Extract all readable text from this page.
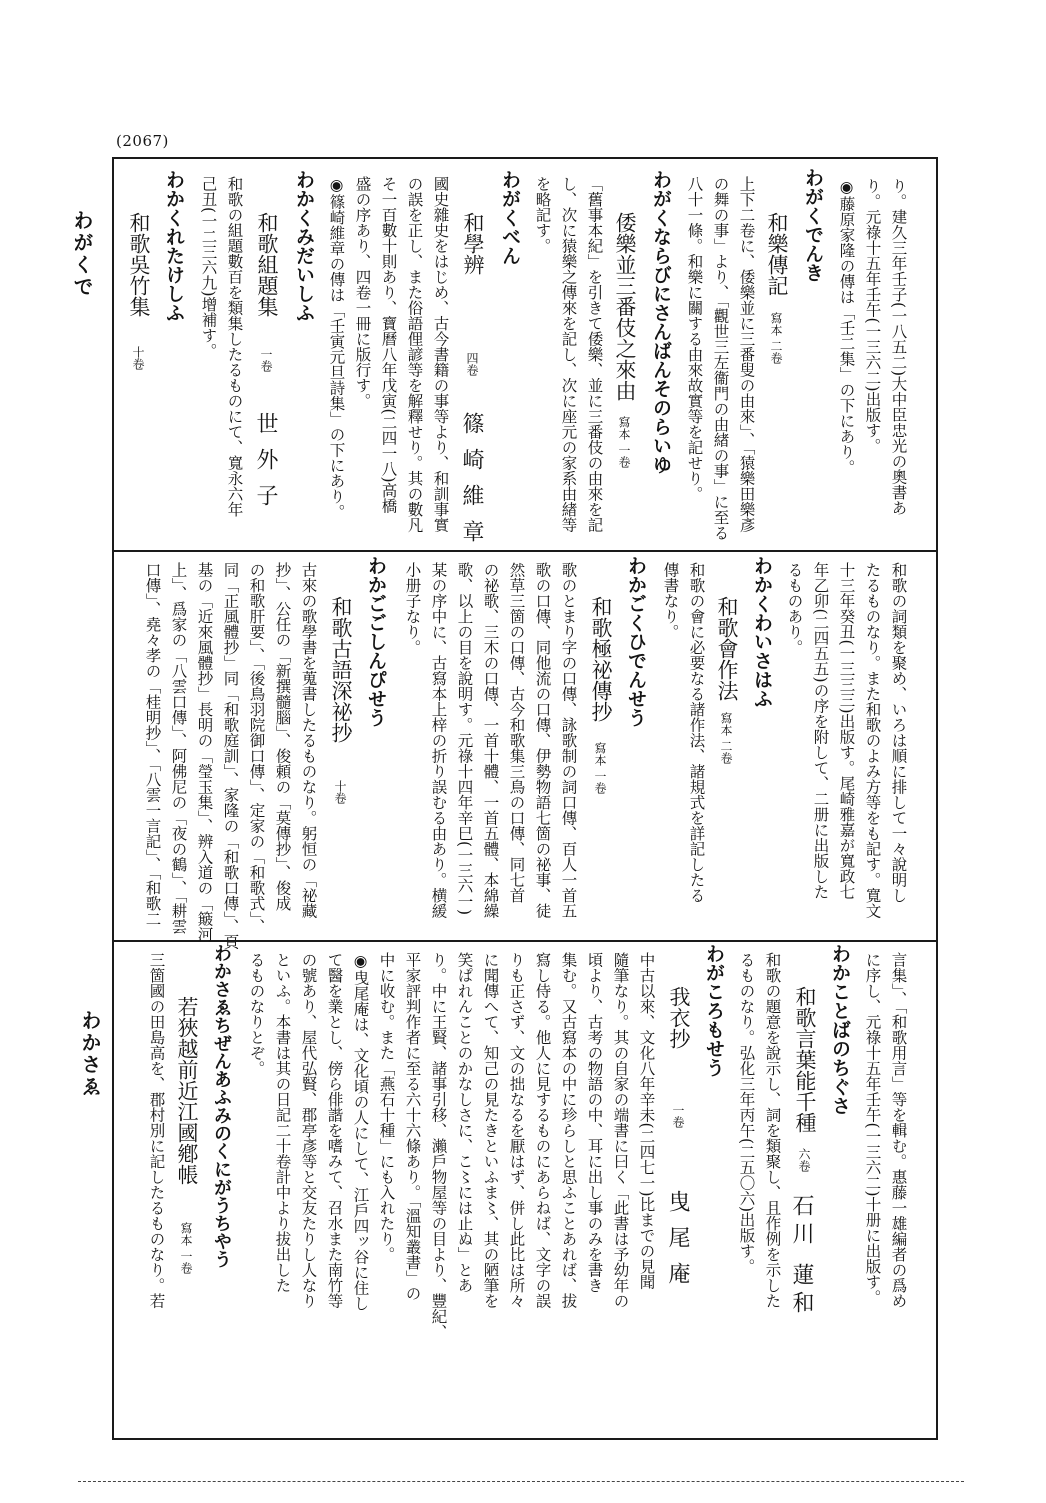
(2067)
わがくで
わかさゑ
り。建久三年壬子(一八五二)大中臣忠光の奧書あ
り。元祿十五年壬午(一三六二)出版す。
◉藤原家隆の傳は「壬二集」の下にあり。
わがくでんき
和樂傳記
寫本 二卷
上下二卷に、倭樂並に三番叟の由來」、「猿樂田樂彥
の舞の事」より、「觀世三左衞門の由緖の事」に至る
八十一條。和樂に關する由來故實等を記せり。
わがくならびにさんばんそのらいゆ
倭樂並三番伎之來由
寫本 一卷
「舊事本紀」を引きて倭樂、並に三番伎の由來を記
し、次に猿樂之傳來を記し、次に座元の家系由緖等
を略記す。
わがくべん
和學辨
四卷
篠崎維章
國史雜史をはじめ、古今書籍の事等より、和訓事實
の誤を正し、また俗語俚諺等を解釋せり。其の數凡
そ一百數十則あり、寶曆八年戊寅(二四一八)高橋
盛の序あり、四卷一冊に版行す。
◉篠崎維章の傳は「壬寅元旦詩集」の下にあり。
わかくみだいしふ
和歌組題集
一卷
世外子
和歌の組題數百を類集したるものにて、寬永六年
己丑(一二三六九)增補す。
わかくれたけしふ
和歌吳竹集
十卷
和歌の詞類を聚め、いろは順に排して一々說明し
たるものなり。また和歌のよみ方等をも記す。寬文
十三年癸丑(一三三三)出版す。尾崎雅嘉が寬政七
年乙卯(二四五五)の序を附して、二册に出版した
るものあり。
わかくわいさはふ
和歌會作法
寫本 二卷
和歌の會に必要なる諸作法、諸規式を詳記したる
傳書なり。
わかごくひでんせう
和歌極祕傳抄
寫本 一卷
歌のとまり字の口傳、詠歌制の詞口傳、百人一首五
歌の口傳、同他流の口傳、伊勢物語七箇の祕事、徒
然草三箇の口傳、古今和歌集三鳥の口傳、同七首
の祕歌、三木の口傳、一首十體、一首五體、本綿繰
歌、以上の目を說明す。元祿十四年辛巳(一三六一)
某の序中に、古寫本上梓の折り誤むる由あり。横緩
小册子なり。
わかごごしんぴせう
和歌古語深祕抄
十卷
古來の歌學書を蒐書したるものなり。躬恒の「祕藏
抄」、公任の「新撰髓腦」、俊頼の「莫傳抄」、俊成
の和歌肝要」、「後鳥羽院御口傳」、定家の「和歌式」、
同「正風體抄」同「和歌庭訓」、家隆の「和歌口傳」、頁
基の「近來風體抄」長明の「瑩玉集」、辨入道の「簸河
上」、爲家の「八雲口傳」、阿佛尼の「夜の鶴」、「耕雲
口傳」、堯々孝の「桂明抄」、「八雲一言記」、「和歌二
言集」、「和歌用言」等を輯む。惠藤一雄編者の爲め
に序し、元祿十五年壬午(一三六二)十册に出版す。
わかことばのちぐさ
和歌言葉能千種
六卷
石川 蓮和
和歌の題意を說示し、詞を類聚し、且作例を示した
るものなり。弘化三年丙午(二五〇六)出版す。
わがころもせう
我衣抄
一卷
曳尾庵
中古以來、文化八年辛未(二四七一)比までの見聞
隨筆なり。其の自家の端書に曰く「此書は予幼年の
頃より、古考の物語の中、耳に出し事のみを書き
集む。又古寫本の中に珍らしと思ふことあれば、拔
寫し侍る。他人に見するものにあらねば、文字の誤
りも正さず、文の拙なるを厭はず、併し此比は所々
に聞傳へて、知己の見たきといふま〻、其の陋筆を
笑ぱれんことのかなしさに、こ〻には止ぬ」とあ
り。中に王賢、諸事引移、瀨戶物屋等の目より、豐紀、
平家評判作者に至る六十六條あり。「溫知叢書」の
中に收む。また「燕石十種」にも入れたり。
◉曳尾庵は、文化頃の人にして、江戶四ッ谷に住し
て醫を業とし、傍ら俳諧を嗜みて、召水また南竹等
の號あり、屋代弘賢、郡亭彥等と交友たりし人なり
といふ。本書は其の日記二十卷計中より拔出した
るものなりとぞ。
わかさゑちぜんあふみのくにがうちやう
若狹越前近江國鄕帳
寫本 一卷
三箇國の田島高を、郡村別に記したるものなり。若
